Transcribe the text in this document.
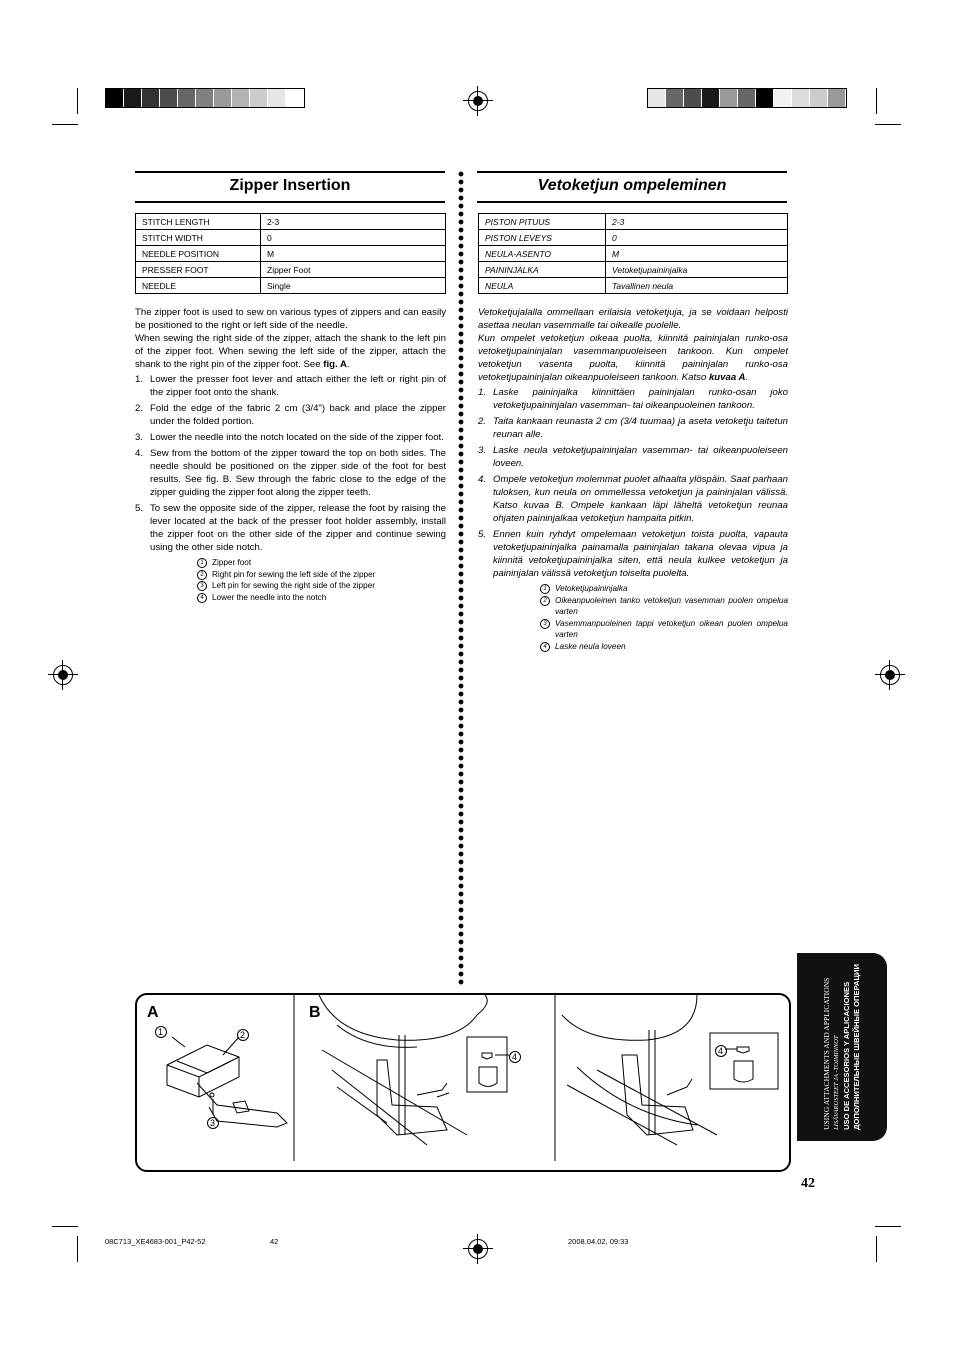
Zipper Insertion
STITCH LENGTH	2-3
STITCH WIDTH	0
NEEDLE POSITION	M
PRESSER FOOT	Zipper Foot
NEEDLE	Single

The zipper foot is used to sew on various types of zippers and can easily be positioned to the right or left side of the needle.

When sewing the right side of the zipper, attach the shank to the left pin of the zipper foot. When sewing the left side of the zipper, attach the shank to the right pin of the zipper foot. See fig. A.

1. Lower the presser foot lever and attach either the left or right pin of the zipper foot onto the shank.
2. Fold the edge of the fabric 2 cm (3/4") back and place the zipper under the folded portion.
3. Lower the needle into the notch located on the side of the zipper foot.
4. Sew from the bottom of the zipper toward the top on both sides. The needle should be positioned on the zipper side of the foot for best results. See fig. B. Sew through the fabric close to the edge of the zipper guiding the zipper foot along the zipper teeth.
5. To sew the opposite side of the zipper, release the foot by raising the lever located at the back of the presser foot holder assembly, install the zipper foot on the other side of the zipper and continue sewing using the other side notch.
1	Zipper foot
2	Right pin for sewing the left side of the zipper
3	Left pin for sewing the right side of the zipper
4	Lower the needle into the notch
Vetoketjun ompeleminen
PISTON PITUUS	2-3
PISTON LEVEYS	0
NEULA-ASENTO	M
PAININJALKA	Vetoketjupaininjalka
NEULA	Tavallinen neula

Vetoketjujalalla ommellaan erilaisia vetoketjuja, ja se voidaan helposti asettaa neulan vasemmalle tai oikealle puolelle.

Kun ompelet vetoketjun oikeaa puolta, kiinnitä paininjalan runko-osa vetoketjupaininjalan vasemmanpuoleiseen tankoon. Kun ompelet vetoketjun vasenta puolta, kiinnitä paininjalan runko-osa vetoketjupaininjalan oikeanpuoleiseen tankoon. Katso kuvaa A.

1. Laske paininjalka kiinnittäen paininjalan runko-osan joko vetoketjupaininjalan vasemman- tai oikeanpuoleinen tankoon.
2. Taita kankaan reunasta 2 cm (3/4 tuumaa) ja aseta vetoketju taitetun reunan alle.
3. Laske neula vetoketjupaininjalan vasemman- tai oikeanpuoleiseen loveen.
4. Ompele vetoketjun molemmat puolet alhaalta ylöspäin. Saat parhaan tuloksen, kun neula on ommellessa vetoketjun ja paininjalan välissä. Katso kuvaa B. Ompele kankaan läpi läheltä vetoketjun reunaa ohjaten paininjalkaa vetoketjun hampaita pitkin.
5. Ennen kuin ryhdyt ompelemaan vetoketjun toista puolta, vapauta vetoketjupaininjalka painamalla paininjalan takana olevaa vipua ja kiinnitä vetoketjupaininjalka siten, että neula kulkee vetoketjun ja paininjalan välissä vetoketjun toiselta puolelta.
1	Vetoketjupaininjalka
2	Oikeanpuoleinen tanko vetoketjun vasemman puolen ompelua varten
3	Vasemmanpuoleinen tappi vetoketjun oikean puolen ompelua varten
4	Laske neula loveen
A	B
1	2
3
4
4	USING ATTACHMENTS AND APPLICATIONS LISÄVARUSTEET JA -TOIMINNOT USO DE ACCESORIOS Y APLICACIONES ДОПОЛНИТЕЛЬНЫЕ ШВЕЙНЫЕ ОПЕРАЦИИ
42
08C713_XE4683-001_P42-52	42	2008.04.02, 09:33
